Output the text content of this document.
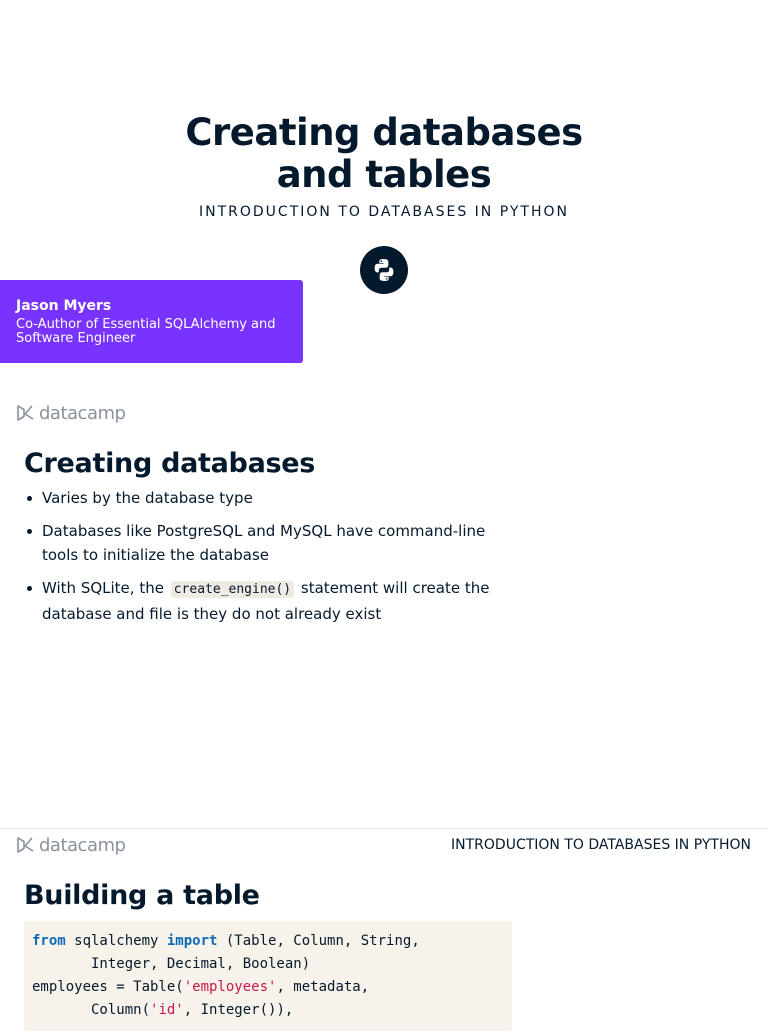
Creating databases
and tables
INTRODUCTION TO DATABASES IN PYTHON
Jason Myers
Co-Author of Essential SQLAlchemy and Software Engineer
datacamp
Creating databases
Varies by the database type
Databases like PostgreSQL and MySQL have command-line tools to initialize the database
With SQLite, the create_engine() statement will create the database and file is they do not already exist
datacamp	INTRODUCTION TO DATABASES IN PYTHON
Building a table
from sqlalchemy import (Table, Column, String,
Integer, Decimal, Boolean)
employees = Table('employees', metadata,
Column('id', Integer()),
